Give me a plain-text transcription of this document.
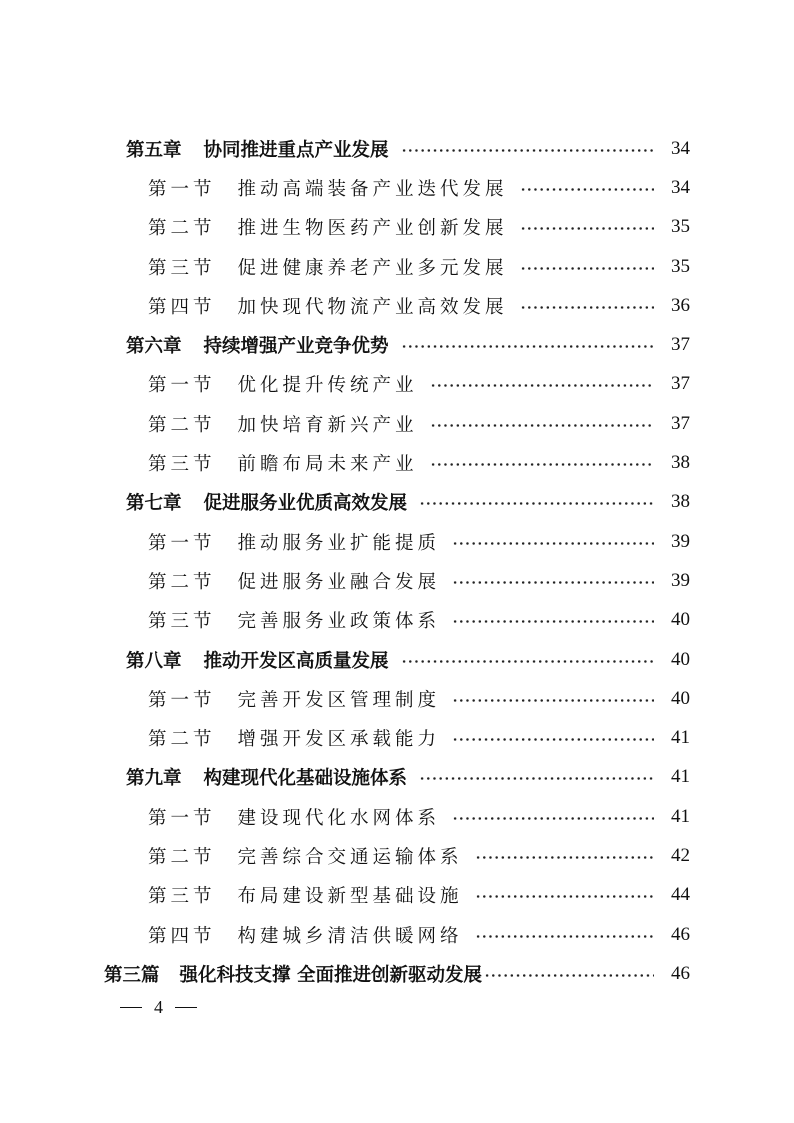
第五章 协同推进重点产业发展	34
第一节 推动高端装备产业迭代发展	34
第二节 推进生物医药产业创新发展	35
第三节 促进健康养老产业多元发展	35
第四节 加快现代物流产业高效发展	36
第六章 持续增强产业竞争优势	37
第一节 优化提升传统产业	37
第二节 加快培育新兴产业	37
第三节 前瞻布局未来产业	38
第七章 促进服务业优质高效发展	38
第一节 推动服务业扩能提质	39
第二节 促进服务业融合发展	39
第三节 完善服务业政策体系	40
第八章 推动开发区高质量发展	40
第一节 完善开发区管理制度	40
第二节 增强开发区承载能力	41
第九章 构建现代化基础设施体系	41
第一节 建设现代化水网体系	41
第二节 完善综合交通运输体系	42
第三节 布局建设新型基础设施	44
第四节 构建城乡清洁供暖网络	46
第三篇 强化科技支撑 全面推进创新驱动发展	46
4
